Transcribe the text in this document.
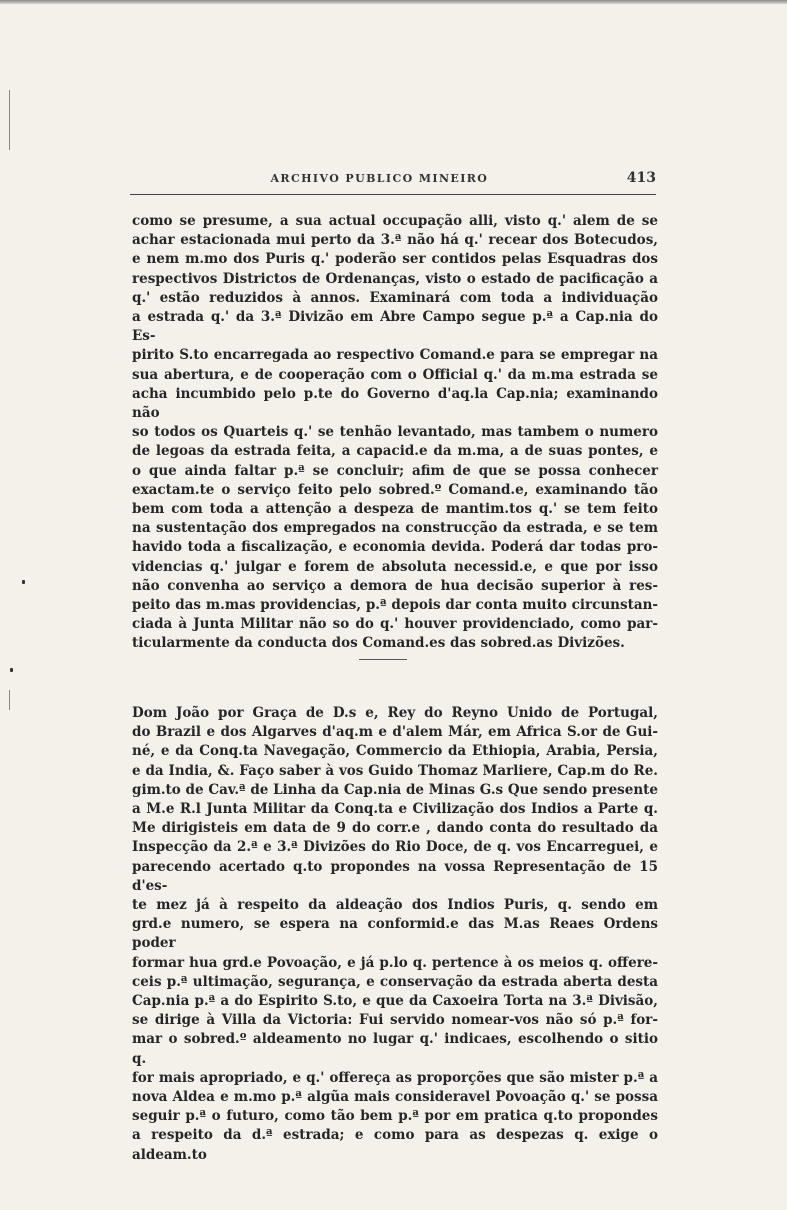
ARCHIVO PUBLICO MINEIRO	413

como se presume, a sua actual occupação alli, visto q.' alem de se

achar estacionada mui perto da 3.ª não há q.' recear dos Botecudos,

e nem m.mo dos Puris q.' poderão ser contidos pelas Esquadras dos

respectivos Districtos de Ordenanças, visto o estado de pacificação a

q.' estão reduzidos à annos. Examinará com toda a individuação

a estrada q.' da 3.ª Divizão em Abre Campo segue p.ª a Cap.nia do Es-

pirito S.to encarregada ao respectivo Comand.e para se empregar na

sua abertura, e de cooperação com o Official q.' da m.ma estrada se

acha incumbido pelo p.te do Governo d'aq.la Cap.nia; examinando não

so todos os Quarteis q.' se tenhão levantado, mas tambem o numero

de legoas da estrada feita, a capacid.e da m.ma, a de suas pontes, e

o que ainda faltar p.ª se concluir; afim de que se possa conhecer

exactam.te o serviço feito pelo sobred.º Comand.e, examinando tão

bem com toda a attenção a despeza de mantim.tos q.' se tem feito

na sustentação dos empregados na construcção da estrada, e se tem

havido toda a fiscalização, e economia devida. Poderá dar todas pro-

videncias q.' julgar e forem de absoluta necessid.e, e que por isso

não convenha ao serviço a demora de hua decisão superior à res-

peito das m.mas providencias, p.ª depois dar conta muito circunstan-

ciada à Junta Militar não so do q.' houver providenciado, como par-

ticularmente da conducta dos Comand.es das sobred.as Divizões.

Dom João por Graça de D.s e, Rey do Reyno Unido de Portugal,

do Brazil e dos Algarves d'aq.m e d'alem Már, em Africa S.or de Gui-

né, e da Conq.ta Navegação, Commercio da Ethiopia, Arabia, Persia,

e da India, &. Faço saber à vos Guido Thomaz Marliere, Cap.m do Re.

gim.to de Cav.ª de Linha da Cap.nia de Minas G.s Que sendo presente

a M.e R.l Junta Militar da Conq.ta e Civilização dos Indios a Parte q.

Me dirigisteis em data de 9 do corr.e , dando conta do resultado da

Inspecção da 2.ª e 3.ª Divizões do Rio Doce, de q. vos Encarreguei, e

parecendo acertado q.to propondes na vossa Representação de 15 d'es-

te mez já à respeito da aldeação dos Indios Puris, q. sendo em

grd.e numero, se espera na conformid.e das M.as Reaes Ordens poder

formar hua grd.e Povoação, e já p.lo q. pertence à os meios q. offere-

ceis p.ª ultimação, segurança, e conservação da estrada aberta desta

Cap.nia p.ª a do Espirito S.to, e que da Caxoeira Torta na 3.ª Divisão,

se dirige à Villa da Victoria: Fui servido nomear-vos não só p.ª for-

mar o sobred.º aldeamento no lugar q.' indicaes, escolhendo o sitio q.

for mais apropriado, e q.' offereça as proporções que são mister p.ª a

nova Aldea e m.mo p.ª algũa mais consideravel Povoação q.' se possa

seguir p.ª o futuro, como tão bem p.ª por em pratica q.to propondes

a respeito da d.ª estrada; e como para as despezas q. exige o aldeam.to
